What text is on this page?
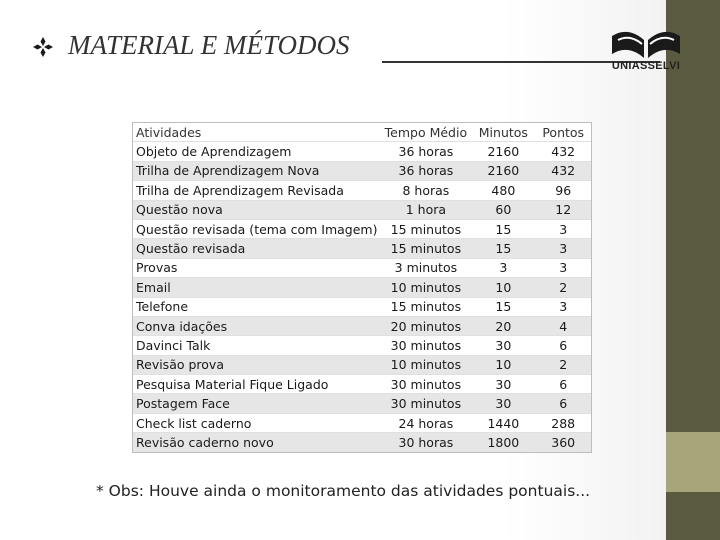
MATERIAL E MÉTODOS
UNIASSELVI
Atividades	Tempo Médio	Minutos	Pontos
Objeto de Aprendizagem	36 horas	2160	432
Trilha de Aprendizagem Nova	36 horas	2160	432
Trilha de Aprendizagem Revisada	8 horas	480	96
Questão nova	1 hora	60	12
Questão revisada (tema com Imagem)	15 minutos	15	3
Questão revisada	15 minutos	15	3
Provas	3 minutos	3	3
Email	10 minutos	10	2
Telefone	15 minutos	15	3
Conva idações	20 minutos	20	4
Davinci Talk	30 minutos	30	6
Revisão prova	10 minutos	10	2
Pesquisa Material Fique Ligado	30 minutos	30	6
Postagem Face	30 minutos	30	6
Check list caderno	24 horas	1440	288
Revisão caderno novo	30 horas	1800	360
* Obs: Houve ainda o monitoramento das atividades pontuais...
